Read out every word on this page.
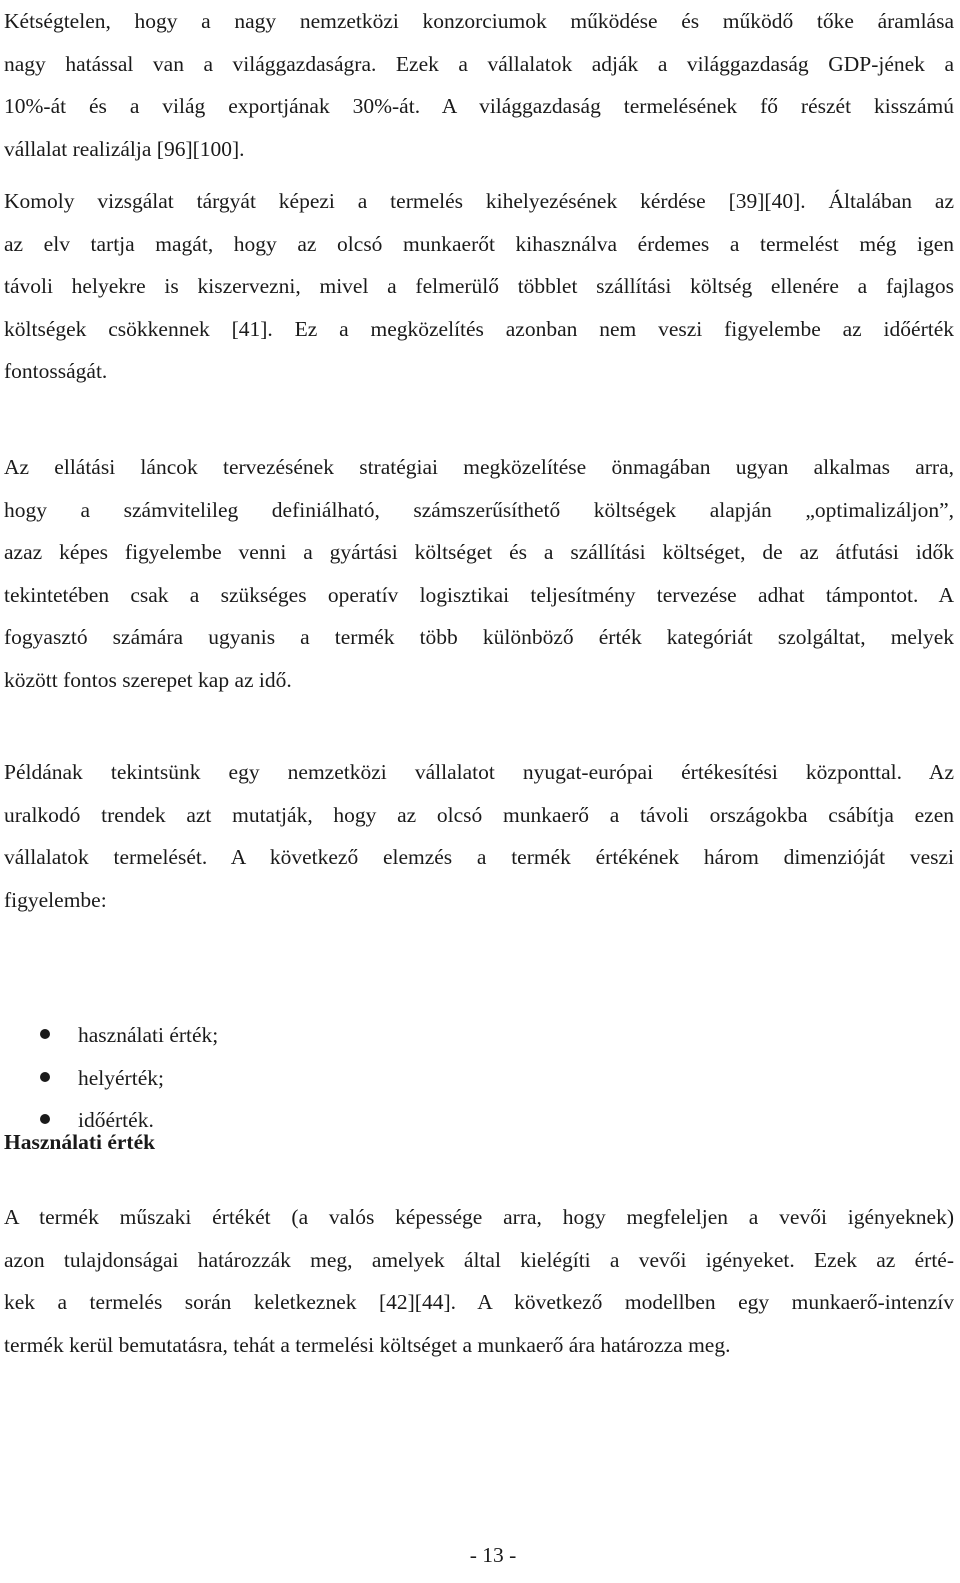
Kétségtelen, hogy a nagy nemzetközi konzorciumok működése és működő tőke áramlása
nagy hatással van a világgazdaságra. Ezek a vállalatok adják a világgazdaság GDP-jének a
10%-át és a világ exportjának 30%-át. A világgazdaság termelésének fő részét kisszámú
vállalat realizálja [96][100].
Komoly vizsgálat tárgyát képezi a termelés kihelyezésének kérdése [39][40]. Általában az
az elv tartja magát, hogy az olcsó munkaerőt kihasználva érdemes a termelést még igen
távoli helyekre is kiszervezni, mivel a felmerülő többlet szállítási költség ellenére a fajlagos
költségek csökkennek [41]. Ez a megközelítés azonban nem veszi figyelembe az időérték
fontosságát.
Az ellátási láncok tervezésének stratégiai megközelítése önmagában ugyan alkalmas arra,
hogy a számvitelileg definiálható, számszerűsíthető költségek alapján „optimalizáljon”,
azaz képes figyelembe venni a gyártási költséget és a szállítási költséget, de az átfutási idők
tekintetében csak a szükséges operatív logisztikai teljesítmény tervezése adhat támpontot. A
fogyasztó számára ugyanis a termék több különböző érték kategóriát szolgáltat, melyek
között fontos szerepet kap az idő.
Példának tekintsünk egy nemzetközi vállalatot nyugat-európai értékesítési központtal. Az
uralkodó trendek azt mutatják, hogy az olcsó munkaerő a távoli országokba csábítja ezen
vállalatok termelését. A következő elemzés a termék értékének három dimenzióját veszi
figyelembe:
használati érték;
helyérték;
időérték.
Használati érték
A termék műszaki értékét (a valós képessége arra, hogy megfeleljen a vevői igényeknek)
azon tulajdonságai határozzák meg, amelyek által kielégíti a vevői igényeket. Ezek az érté-
kek a termelés során keletkeznek [42][44]. A következő modellben egy munkaerő-intenzív
termék kerül bemutatásra, tehát a termelési költséget a munkaerő ára határozza meg.
- 13 -
